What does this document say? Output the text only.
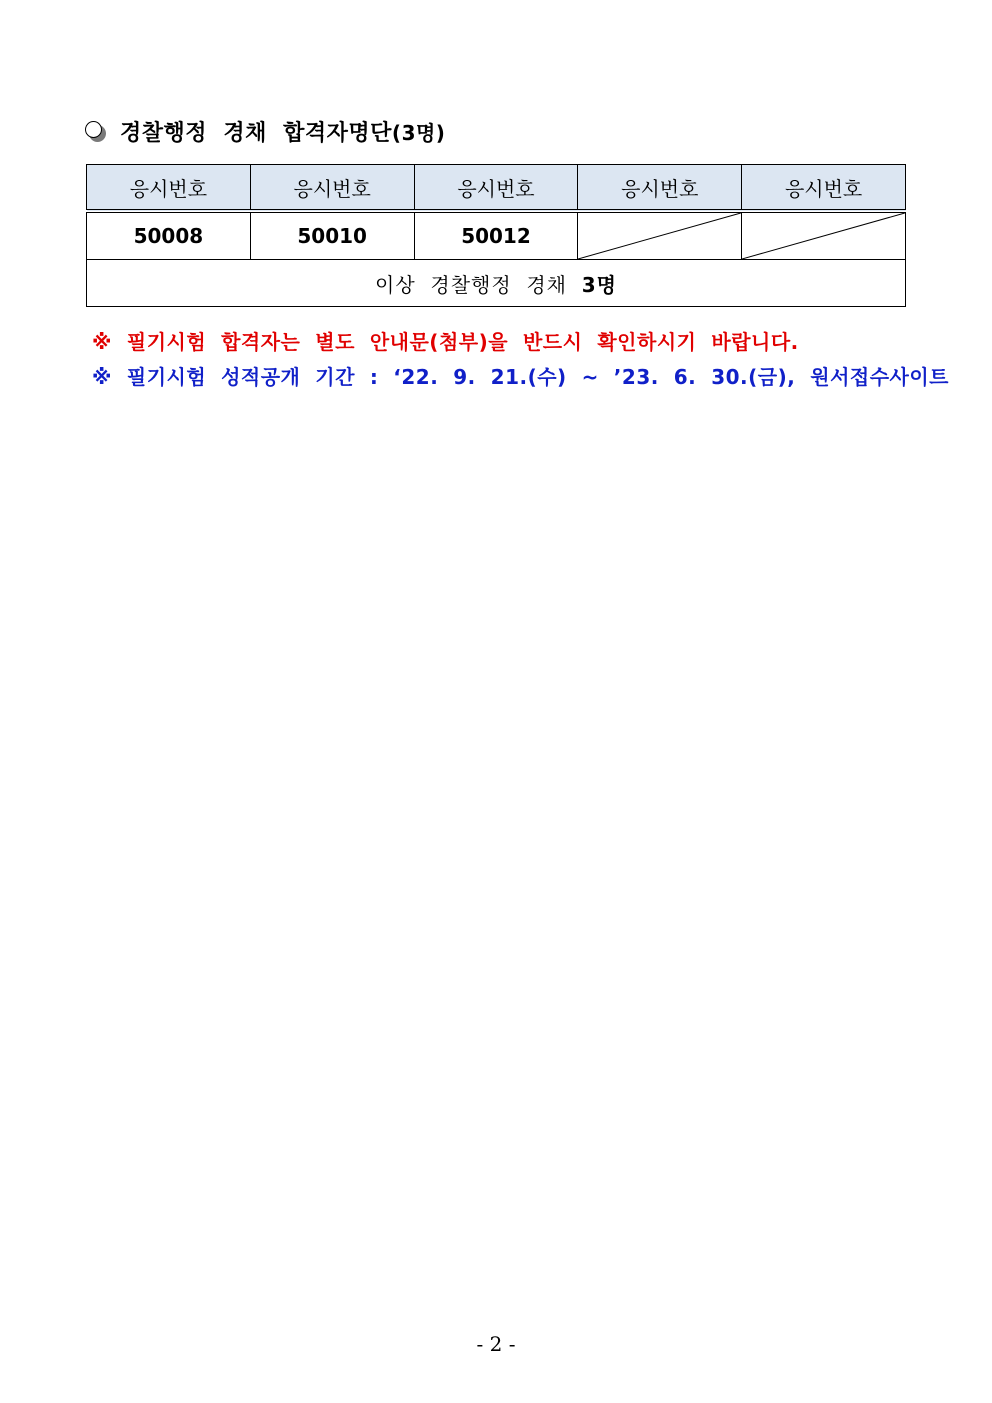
경찰행정  경채  합격자명단 (3명)
응시번호	응시번호	응시번호	응시번호	응시번호
50008	50010	50012	

이상  경찰행정  경채  3명				
※  필기시험  합격자는  별도  안내문(첨부)을  반드시  확인하시기  바랍니다.
※  필기시험  성적공개  기간  :  ‘22.  9.  21.(수)  ~  ’23.  6.  30.(금),  원서접수사이트
- 2 -
